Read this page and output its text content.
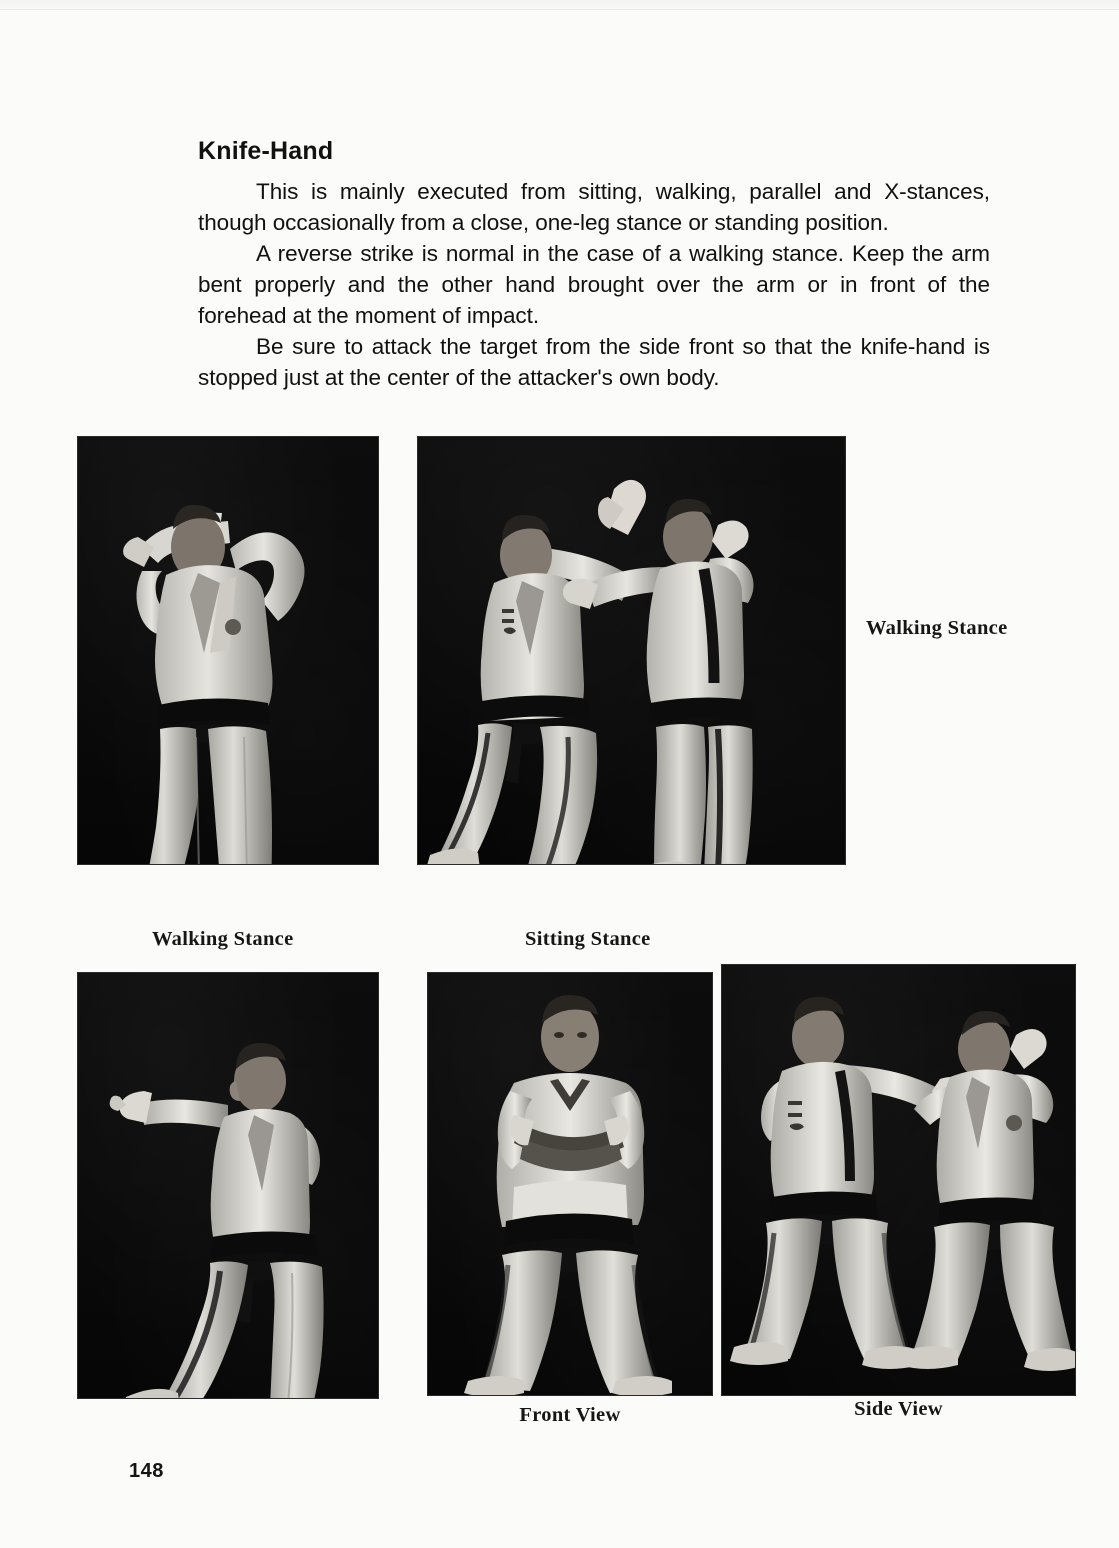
Knife-Hand

This is mainly executed from sitting, walking, parallel and X-stances, though occasionally from a close, one-leg stance or standing position.

A reverse strike is normal in the case of a walking stance. Keep the arm bent properly and the other hand brought over the arm or in front of the forehead at the moment of impact.

Be sure to attack the target from the side front so that the knife-hand is stopped just at the center of the attacker's own body.

Walking Stance
Walking Stance	Sitting Stance
Front View	Side View
148
